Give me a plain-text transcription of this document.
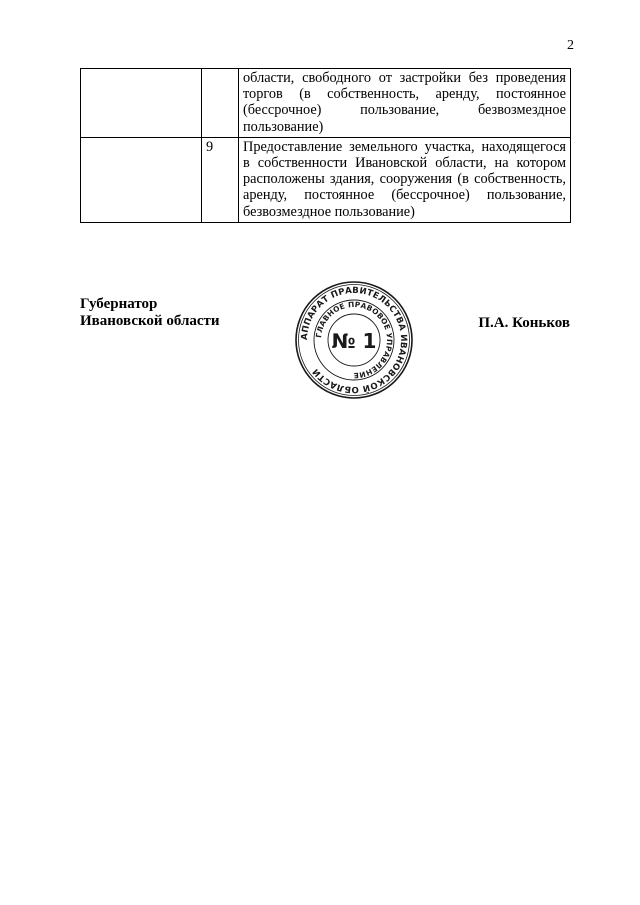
2
		области, свободного от застройки без проведения торгов (в собственность, аренду, постоянное (бессрочное) пользование, безвозмездное пользование)
	9	Предоставление земельного участка, находящегося в собственности Ивановской области, на котором расположены здания, сооружения (в собственность, аренду, постоянное (бессрочное) пользование, безвозмездное пользование)
Губернатор
Ивановской области	П.А. Коньков
АППАРАТ ПРАВИТЕЛЬСТВА ИВАНОВСКОЙ ОБЛАСТИ
ГЛАВНОЕ ПРАВОВОЕ УПРАВЛЕНИЕ
№ 1
